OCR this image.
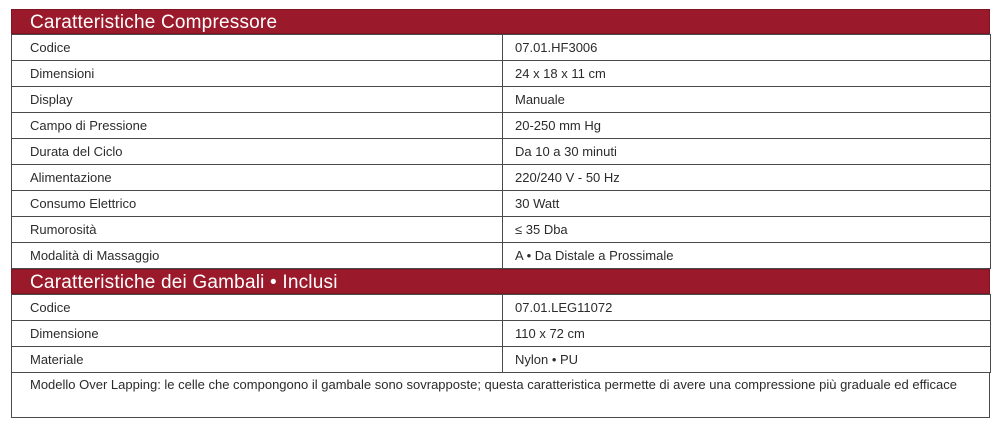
Caratteristiche Compressore
Codice	07.01.HF3006
Dimensioni	24 x 18 x 11 cm
Display	Manuale
Campo di Pressione	20-250 mm Hg
Durata del Ciclo	Da 10 a 30 minuti
Alimentazione	220/240 V - 50 Hz
Consumo Elettrico	30 Watt
Rumorosità	≤ 35 Dba
Modalità di Massaggio	A • Da Distale a Prossimale
Caratteristiche dei Gambali • Inclusi
Codice	07.01.LEG11072
Dimensione	110 x 72 cm
Materiale	Nylon • PU
Modello Over Lapping: le celle che compongono il gambale sono sovrapposte; questa caratteristica permette di avere una compressione più graduale ed efficace
